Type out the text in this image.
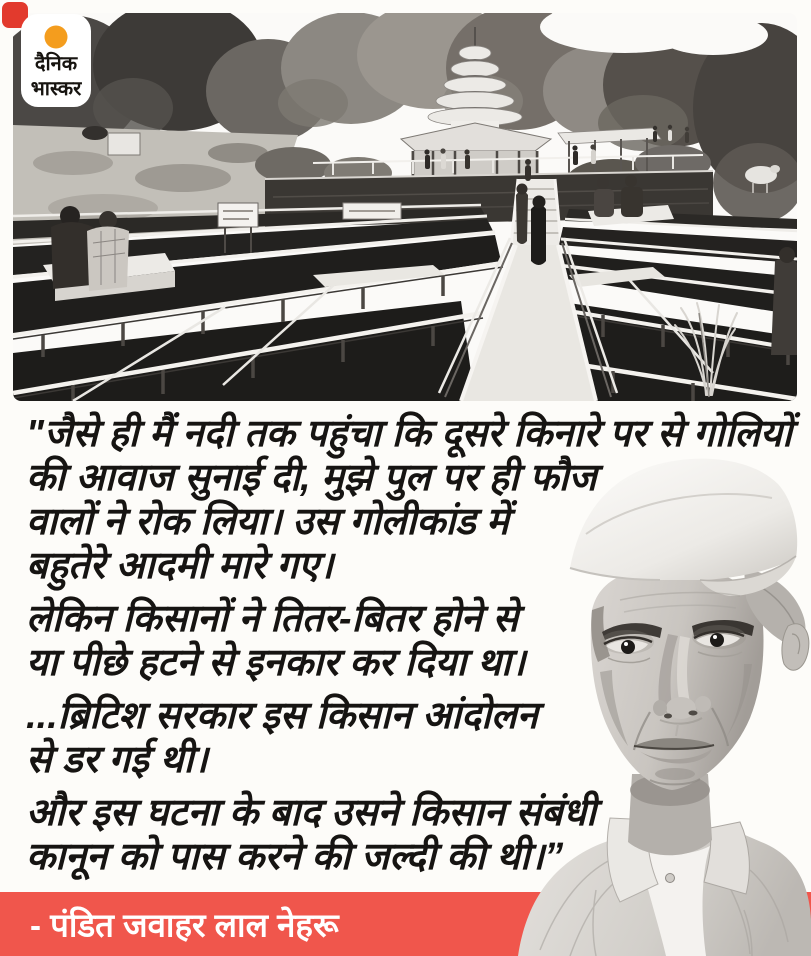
दैनिक
भास्कर

"जैसे ही मैं नदी तक पहुंचा कि दूसरे किनारे पर से गोलियों
की आवाज सुनाई दी, मुझे पुल पर ही फौज
वालों ने रोक लिया। उस गोलीकांड में
बहुतेरे आदमी मारे गए।

लेकिन किसानों ने तितर-बितर होने से
या पीछे हटने से इनकार कर दिया था।

...ब्रिटिश सरकार इस किसान आंदोलन
से डर गई थी।

और इस घटना के बाद उसने किसान संबंधी
कानून को पास करने की जल्दी की थी।”

- पंडित जवाहर लाल नेहरू
